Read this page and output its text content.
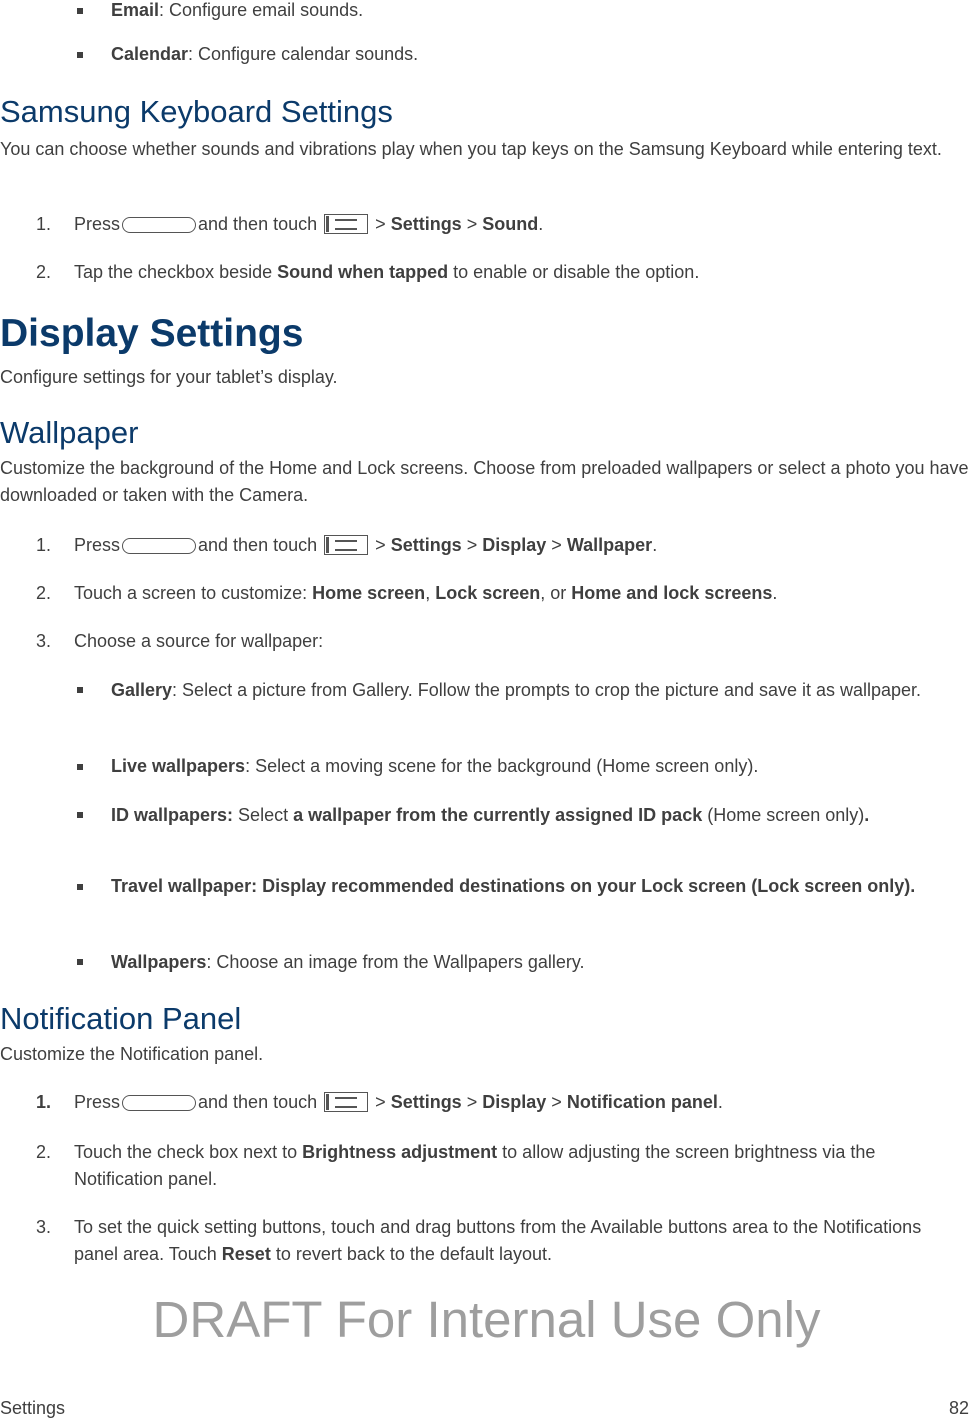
Email: Configure email sounds.
Calendar: Configure calendar sounds.
Samsung Keyboard Settings
You can choose whether sounds and vibrations play when you tap keys on the Samsung Keyboard while entering text.
1.	Press	and then touch	> Settings > Sound.
2.	Tap the checkbox beside Sound when tapped to enable or disable the option.
Display Settings
Configure settings for your tablet’s display.
Wallpaper
Customize the background of the Home and Lock screens. Choose from preloaded wallpapers or select a photo you have downloaded or taken with the Camera.
1.	Press	and then touch	> Settings > Display > Wallpaper.
2.	Touch a screen to customize: Home screen, Lock screen, or Home and lock screens.
3.	Choose a source for wallpaper:
Gallery: Select a picture from Gallery. Follow the prompts to crop the picture and save it as wallpaper.
Live wallpapers: Select a moving scene for the background (Home screen only).
ID wallpapers: Select a wallpaper from the currently assigned ID pack (Home screen only).
Travel wallpaper: Display recommended destinations on your Lock screen (Lock screen only).
Wallpapers: Choose an image from the Wallpapers gallery.
Notification Panel
Customize the Notification panel.
1.	Press	and then touch	> Settings > Display > Notification panel.
2.	Touch the check box next to Brightness adjustment to allow adjusting the screen brightness via the Notification panel.
3.	To set the quick setting buttons, touch and drag buttons from the Available buttons area to the Notifications panel area. Touch Reset to revert back to the default layout.
DRAFT For Internal Use Only
Settings	82
